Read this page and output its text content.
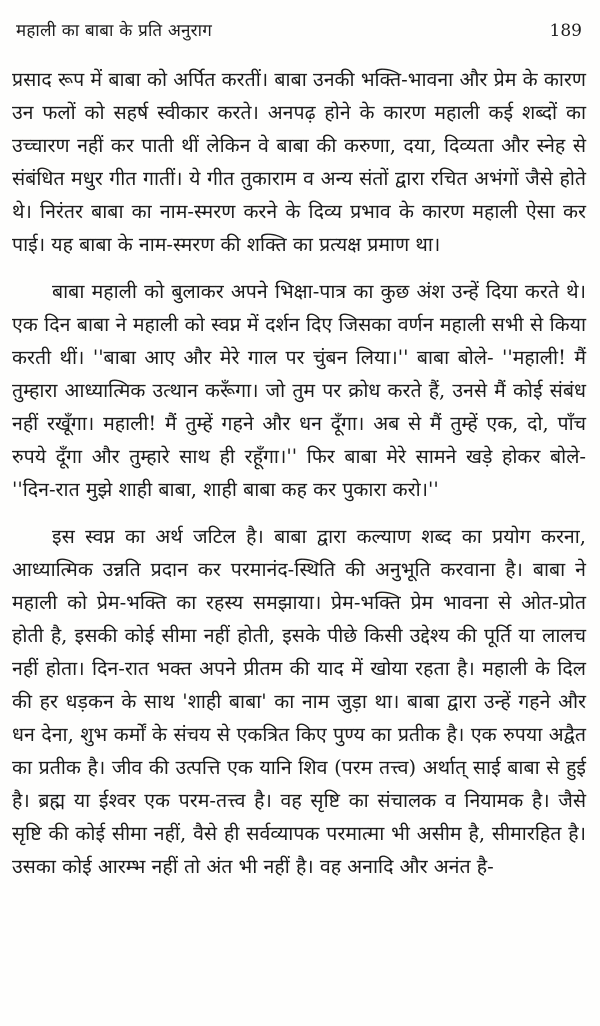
महाली का बाबा के प्रति अनुराग	189

प्रसाद रूप में बाबा को अर्पित करतीं। बाबा उनकी भक्ति-भावना और प्रेम के कारण उन फलों को सहर्ष स्वीकार करते। अनपढ़ होने के कारण महाली कई शब्दों का उच्चारण नहीं कर पाती थीं लेकिन वे बाबा की करुणा, दया, दिव्यता और स्नेह से संबंधित मधुर गीत गातीं। ये गीत तुकाराम व अन्य संतों द्वारा रचित अभंगों जैसे होते थे। निरंतर बाबा का नाम-स्मरण करने के दिव्य प्रभाव के कारण महाली ऐसा कर पाई। यह बाबा के नाम-स्मरण की शक्ति का प्रत्यक्ष प्रमाण था।

बाबा महाली को बुलाकर अपने भिक्षा-पात्र का कुछ अंश उन्हें दिया करते थे। एक दिन बाबा ने महाली को स्वप्न में दर्शन दिए जिसका वर्णन महाली सभी से किया करती थीं। ''बाबा आए और मेरे गाल पर चुंबन लिया।'' बाबा बोले- ''महाली! मैं तुम्हारा आध्यात्मिक उत्थान करूँगा। जो तुम पर क्रोध करते हैं, उनसे मैं कोई संबंध नहीं रखूँगा। महाली! मैं तुम्हें गहने और धन दूँगा। अब से मैं तुम्हें एक, दो, पाँच रुपये दूँगा और तुम्हारे साथ ही रहूँगा।'' फिर बाबा मेरे सामने खड़े होकर बोले- ''दिन-रात मुझे शाही बाबा, शाही बाबा कह कर पुकारा करो।''

इस स्वप्न का अर्थ जटिल है। बाबा द्वारा कल्याण शब्द का प्रयोग करना, आध्यात्मिक उन्नति प्रदान कर परमानंद-स्थिति की अनुभूति करवाना है। बाबा ने महाली को प्रेम-भक्ति का रहस्य समझाया। प्रेम-भक्ति प्रेम भावना से ओत-प्रोत होती है, इसकी कोई सीमा नहीं होती, इसके पीछे किसी उद्देश्य की पूर्ति या लालच नहीं होता। दिन-रात भक्त अपने प्रीतम की याद में खोया रहता है। महाली के दिल की हर धड़कन के साथ 'शाही बाबा' का नाम जुड़ा था। बाबा द्वारा उन्हें गहने और धन देना, शुभ कर्मों के संचय से एकत्रित किए पुण्य का प्रतीक है। एक रुपया अद्वैत का प्रतीक है। जीव की उत्पत्ति एक यानि शिव (परम तत्त्व) अर्थात् साई बाबा से हुई है। ब्रह्म या ईश्वर एक परम-तत्त्व है। वह सृष्टि का संचालक व नियामक है। जैसे सृष्टि की कोई सीमा नहीं, वैसे ही सर्वव्यापक परमात्मा भी असीम है, सीमारहित है। उसका कोई आरम्भ नहीं तो अंत भी नहीं है। वह अनादि और अनंत है-
